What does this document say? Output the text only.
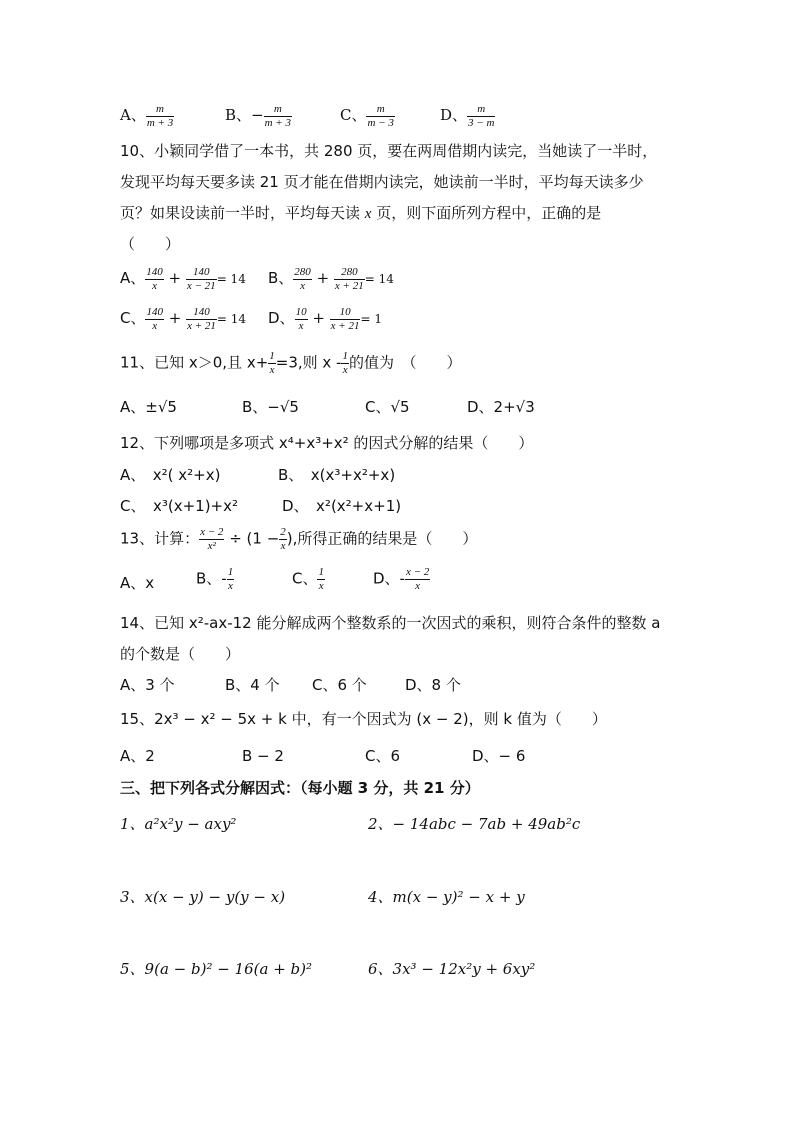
A、 $\frac{m}{m + 3}$	B、− $\frac{m}{m + 3}$	C、 $\frac{m}{m - 3}$	D、 $\frac{m}{3 - m}$
10、小颖同学借了一本书，共 280 页，要在两周借期内读完，当她读了一半时，
发现平均每天要多读 21 页才能在借期内读完，她读前一半时，平均每天读多少
页？如果设读前一半时，平均每天读 x 页，则下面所列方程中，正确的是
（　　）
A、 $\frac{140}{x} + \frac{140}{x - 21} = 14$ B、 $\frac{280}{x} + \frac{280}{x + 21} = 14$
C、 $\frac{140}{x} + \frac{140}{x + 21} = 14$ D、 $\frac{10}{x} + \frac{10}{x + 21} = 1$
11、已知 x＞0,且 $x+ \frac{1}{x} =3$,则 x - $\frac{1}{x}$ 的值为　（　　）
A、±√5	B、−√5	C、√5	D、2+√3
12、下列哪项是多项式 x⁴+x³+x² 的因式分解的结果（　　）
A、　x²( x²+x)	B、　x(x³+x²+x)
C、　x³(x+1)+x²	D、　x²(x²+x+1)
13、计算： $\frac{x - 2}{\text{x²}} \div (1 - \frac{2}{x}$ ),所得正确的结果是（　　）
A、x	B、- $\frac{1}{x}$	C、 $\frac{1}{x}$	D、- $\frac{x - 2}{x}$
14、已知 x²-ax-12 能分解成两个整数系的一次因式的乘积，则符合条件的整数 a
的个数是（　　）
A、3 个	B、4 个 C、6 个	D、8 个
15、2x³ − x² − 5x + k 中，有一个因式为 (x − 2)，则 k 值为（　　）
A、2	B − 2	C、6	D、− 6
三、把下列各式分解因式：（每小题 3 分，共 21 分）
1、a²x²y − axy²	2、− 14abc − 7ab + 49ab²c
3、x(x − y) − y(y − x)	4、m(x − y)² − x + y
5、9(a − b)² − 16(a + b)²	6、3x³ − 12x²y + 6xy²
